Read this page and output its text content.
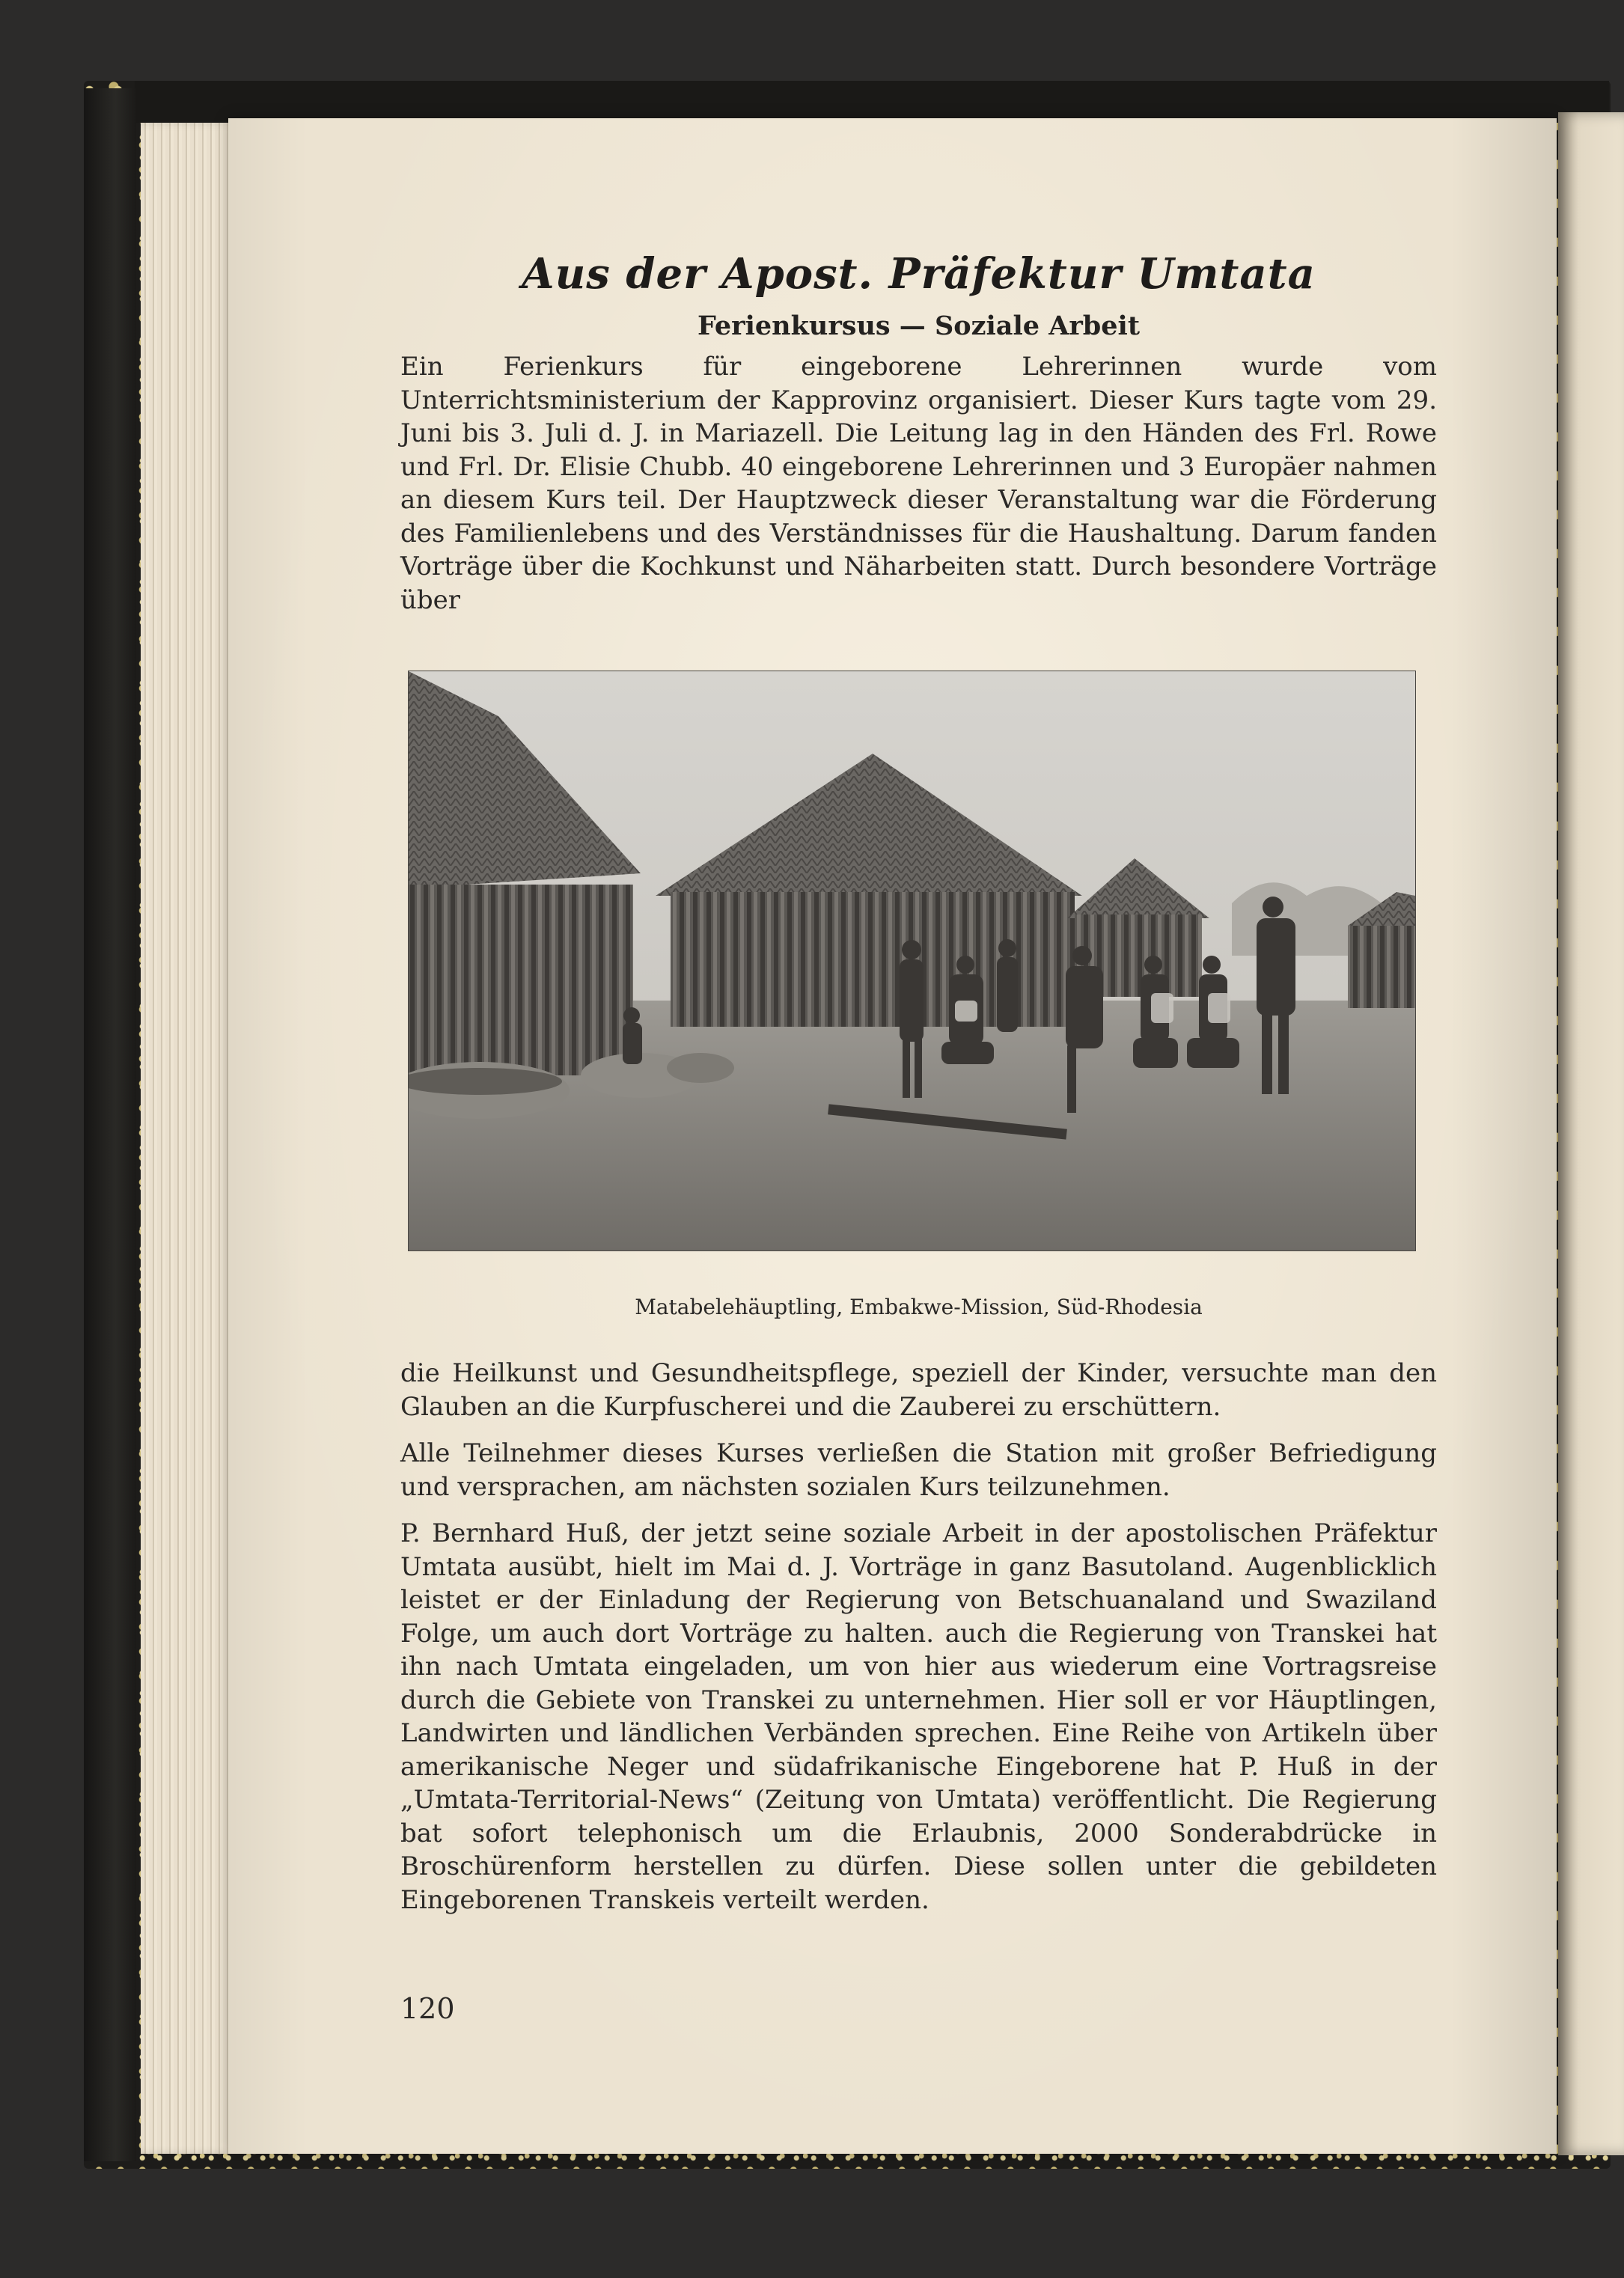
Aus der Apost. Präfektur Umtata
Ferienkursus — Soziale Arbeit

Ein Ferienkurs für eingeborene Lehrerinnen wurde vom Unterrichtsministerium der Kapprovinz organisiert. Dieser Kurs tagte vom 29. Juni bis 3. Juli d. J. in Mariazell. Die Leitung lag in den Händen des Frl. Rowe und Frl. Dr. Elisie Chubb. 40 eingeborene Lehrerinnen und 3 Europäer nahmen an diesem Kurs teil. Der Hauptzweck dieser Veranstaltung war die Förderung des Familienlebens und des Verständnisses für die Haushaltung. Darum fanden Vorträge über die Kochkunst und Näharbeiten statt. Durch besondere Vorträge über

Matabelehäuptling, Embakwe-Mission, Süd-Rhodesia

die Heilkunst und Gesundheitspflege, speziell der Kinder, versuchte man den Glauben an die Kurpfuscherei und die Zauberei zu erschüttern.

Alle Teilnehmer dieses Kurses verließen die Station mit großer Befriedigung und versprachen, am nächsten sozialen Kurs teilzunehmen.

P. Bernhard Huß, der jetzt seine soziale Arbeit in der apostolischen Präfektur Umtata ausübt, hielt im Mai d. J. Vorträge in ganz Basutoland. Augenblicklich leistet er der Einladung der Regierung von Betschuanaland und Swaziland Folge, um auch dort Vorträge zu halten. auch die Regierung von Transkei hat ihn nach Umtata eingeladen, um von hier aus wiederum eine Vortragsreise durch die Gebiete von Transkei zu unternehmen. Hier soll er vor Häuptlingen, Landwirten und ländlichen Verbänden sprechen. Eine Reihe von Artikeln über amerikanische Neger und südafrikanische Eingeborene hat P. Huß in der „Umtata-Territorial-News“ (Zeitung von Umtata) veröffentlicht. Die Regierung bat sofort telephonisch um die Erlaubnis, 2000 Sonderabdrücke in Broschürenform herstellen zu dürfen. Diese sollen unter die gebildeten Eingeborenen Transkeis verteilt werden.

120
